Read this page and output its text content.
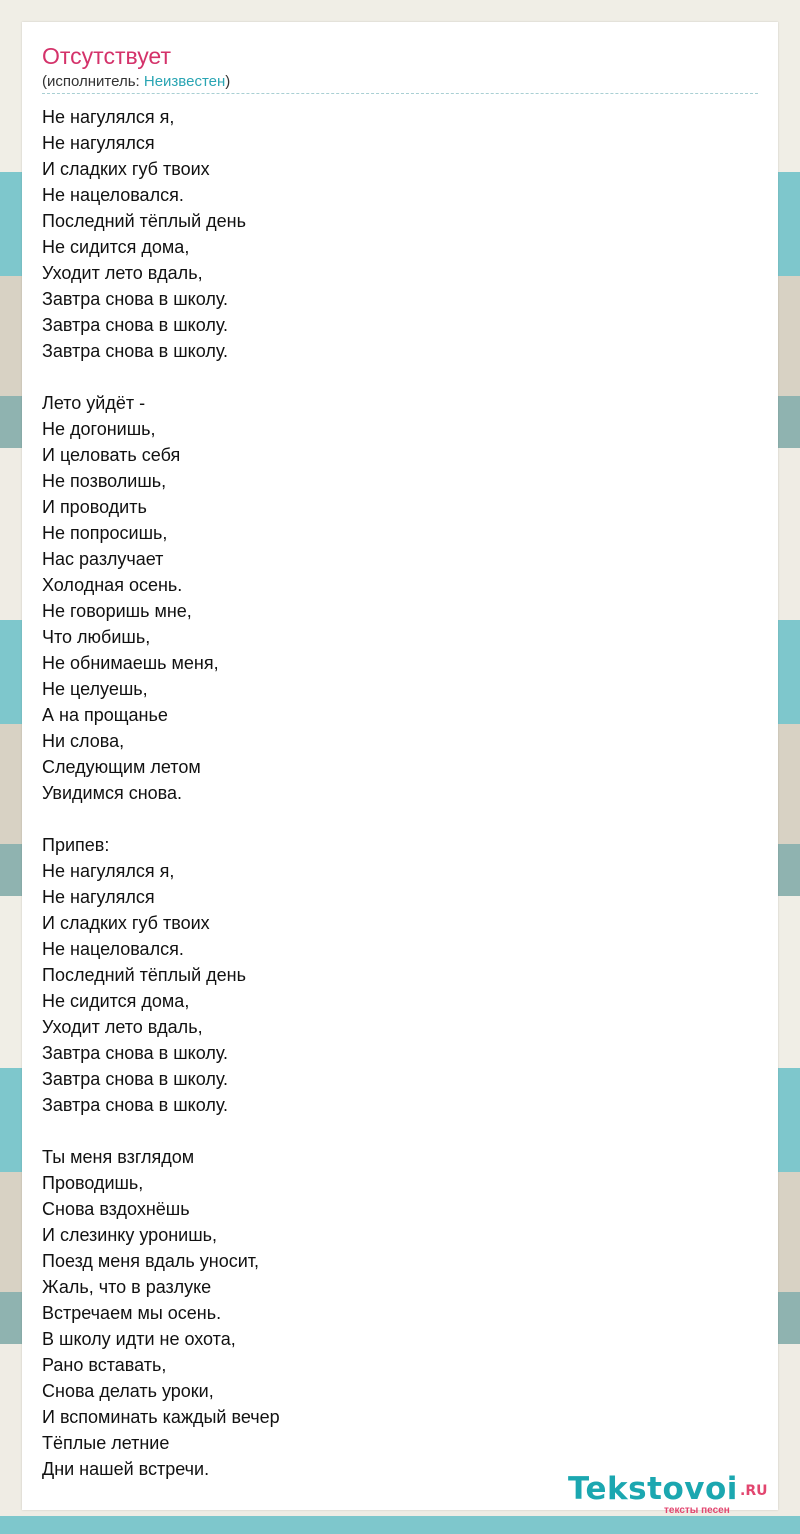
Отсутствует
(исполнитель: Неизвестен)
Не нагулялся я,
Не нагулялся
И сладких губ твоих
Не нацеловался.
Последний тёплый день
Не сидится дома,
Уходит лето вдаль,
Завтра снова в школу.
Завтра снова в школу.
Завтра снова в школу.
Лето уйдёт -
Не догонишь,
И целовать себя
Не позволишь,
И проводить
Не попросишь,
Нас разлучает
Холодная осень.
Не говоришь мне,
Что любишь,
Не обнимаешь меня,
Не целуешь,
А на прощанье
Ни слова,
Следующим летом
Увидимся снова.
Припев:
Не нагулялся я,
Не нагулялся
И сладких губ твоих
Не нацеловался.
Последний тёплый день
Не сидится дома,
Уходит лето вдаль,
Завтра снова в школу.
Завтра снова в школу.
Завтра снова в школу.
Ты меня взглядом
Проводишь,
Снова вздохнёшь
И слезинку уронишь,
Поезд меня вдаль уносит,
Жаль, что в разлуке
Встречаем мы осень.
В школу идти не охота,
Рано вставать,
Снова делать уроки,
И вспоминать каждый вечер
Тёплые летние
Дни нашей встречи.
Tekstovoi .RU
тексты песен
